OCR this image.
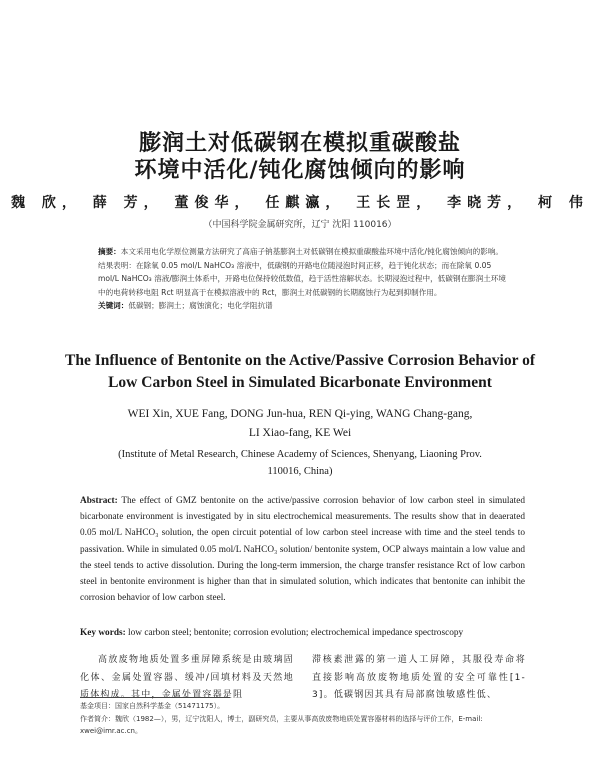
膨润土对低碳钢在模拟重碳酸盐
环境中活化/钝化腐蚀倾向的影响
魏 欣， 薛 芳， 董俊华， 任麒瀛， 王长罡， 李晓芳， 柯 伟
（中国科学院金属研究所，辽宁 沈阳 110016）
摘要：本文采用电化学原位测量方法研究了高庙子钠基膨润土对低碳钢在模拟重碳酸盐环境中活化/钝化腐蚀倾向的影响。结果表明：在除氧 0.05 mol/L NaHCO₃ 溶液中，低碳钢的开路电位随浸泡时间正移，趋于钝化状态；而在除氧 0.05 mol/L NaHCO₃ 溶液/膨润土体系中，开路电位保持较低数值，趋于活性溶解状态。长期浸泡过程中，低碳钢在膨润土环境中的电荷转移电阻 Rct 明显高于在模拟溶液中的 Rct，膨润土对低碳钢的长期腐蚀行为起到抑制作用。
关键词：低碳钢；膨润土；腐蚀演化；电化学阻抗谱
The Influence of Bentonite on the Active/Passive Corrosion Behavior of
Low Carbon Steel in Simulated Bicarbonate Environment
WEI Xin, XUE Fang, DONG Jun-hua, REN Qi-ying, WANG Chang-gang,
LI Xiao-fang, KE Wei
(Institute of Metal Research, Chinese Academy of Sciences, Shenyang, Liaoning Prov.
110016, China)
Abstract: The effect of GMZ bentonite on the active/passive corrosion behavior of low carbon steel in simulated bicarbonate environment is investigated by in situ electrochemical measurements. The results show that in deaerated 0.05 mol/L NaHCO₃ solution, the open circuit potential of low carbon steel increase with time and the steel tends to passivation. While in simulated 0.05 mol/L NaHCO₃ solution/ bentonite system, OCP always maintain a low value and the steel tends to active dissolution. During the long-term immersion, the charge transfer resistance Rct of low carbon steel in bentonite environment is higher than that in simulated solution, which indicates that bentonite can inhibit the corrosion behavior of low carbon steel.
Key words: low carbon steel; bentonite; corrosion evolution; electrochemical impedance spectroscopy
高放废物地质处置多重屏障系统是由玻璃固化体、金属处置容器、缓冲/回填材料及天然地质体构成。其中，金属处置容器是阻
滞核素泄露的第一道人工屏障，其服役寿命将直接影响高放废物地质处置的安全可靠性[1-3]。低碳钢因其具有局部腐蚀敏感性低、
基金项目：国家自然科学基金（51471175）。
作者简介：魏欣（1982—），男，辽宁沈阳人，博士，副研究员，主要从事高放废物地质处置容器材料的选择与评价工作，E-mail: xwei@imr.ac.cn。
